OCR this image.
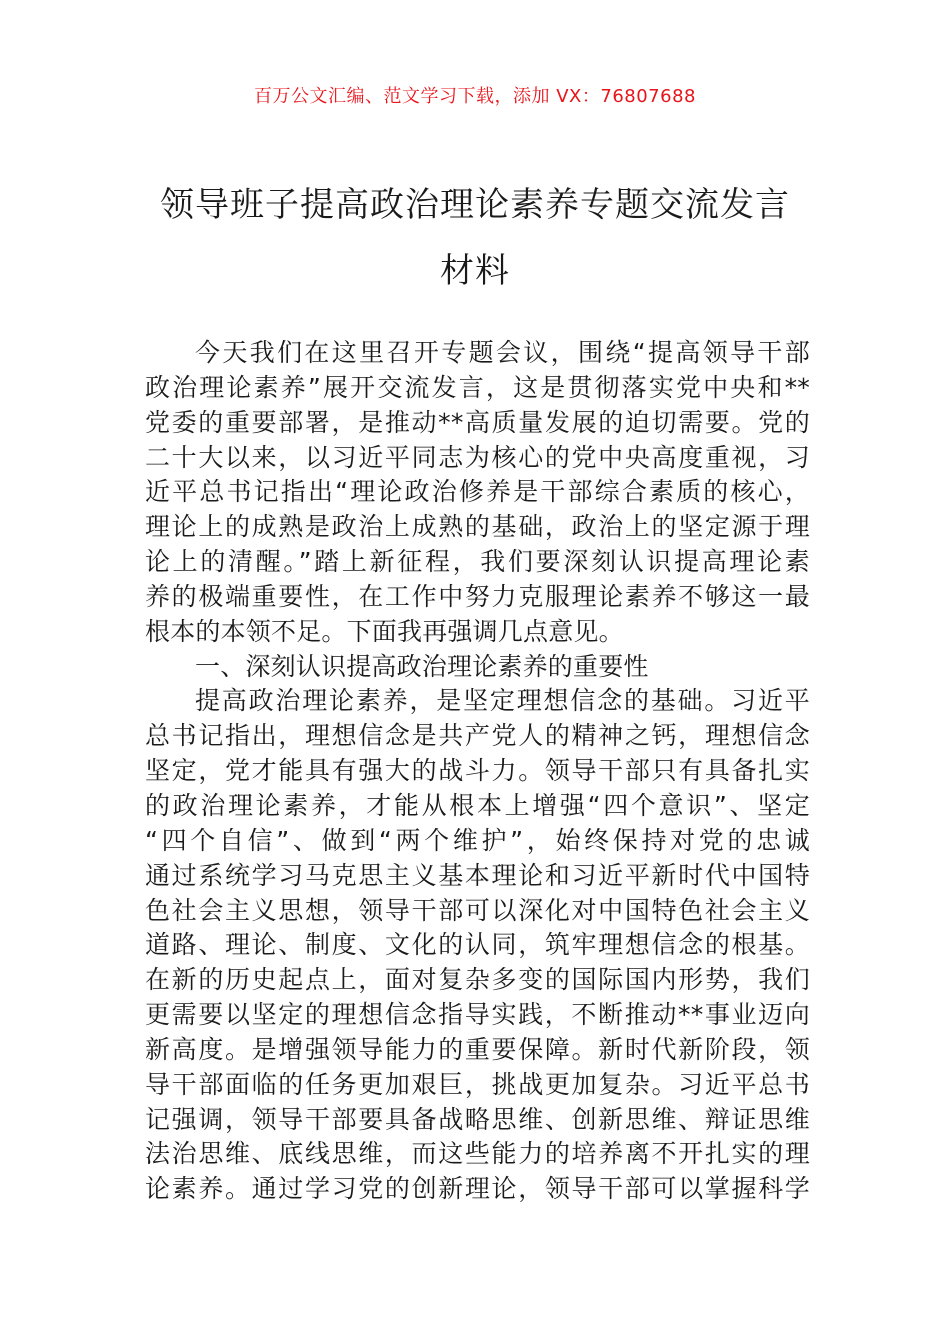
百万公文汇编、范文学习下载，添加 VX：76807688
领导班子提高政治理论素养专题交流发言
材料
今天我们在这里召开专题会议，围绕“提高领导干部
政治理论素养”展开交流发言，这是贯彻落实党中央和**
党委的重要部署，是推动**高质量发展的迫切需要。党的
二十大以来，以习近平同志为核心的党中央高度重视，习
近平总书记指出“理论政治修养是干部综合素质的核心，
理论上的成熟是政治上成熟的基础，政治上的坚定源于理
论上的清醒。”踏上新征程，我们要深刻认识提高理论素
养的极端重要性，在工作中努力克服理论素养不够这一最
根本的本领不足。下面我再强调几点意见。
一、深刻认识提高政治理论素养的重要性
提高政治理论素养，是坚定理想信念的基础。习近平
总书记指出，理想信念是共产党人的精神之钙，理想信念
坚定，党才能具有强大的战斗力。领导干部只有具备扎实
的政治理论素养，才能从根本上增强“四个意识”、坚定
“四个自信”、做到“两个维护”，始终保持对党的忠诚
通过系统学习马克思主义基本理论和习近平新时代中国特
色社会主义思想，领导干部可以深化对中国特色社会主义
道路、理论、制度、文化的认同，筑牢理想信念的根基。
在新的历史起点上，面对复杂多变的国际国内形势，我们
更需要以坚定的理想信念指导实践，不断推动**事业迈向
新高度。是增强领导能力的重要保障。新时代新阶段，领
导干部面临的任务更加艰巨，挑战更加复杂。习近平总书
记强调，领导干部要具备战略思维、创新思维、辩证思维
法治思维、底线思维，而这些能力的培养离不开扎实的理
论素养。通过学习党的创新理论，领导干部可以掌握科学
